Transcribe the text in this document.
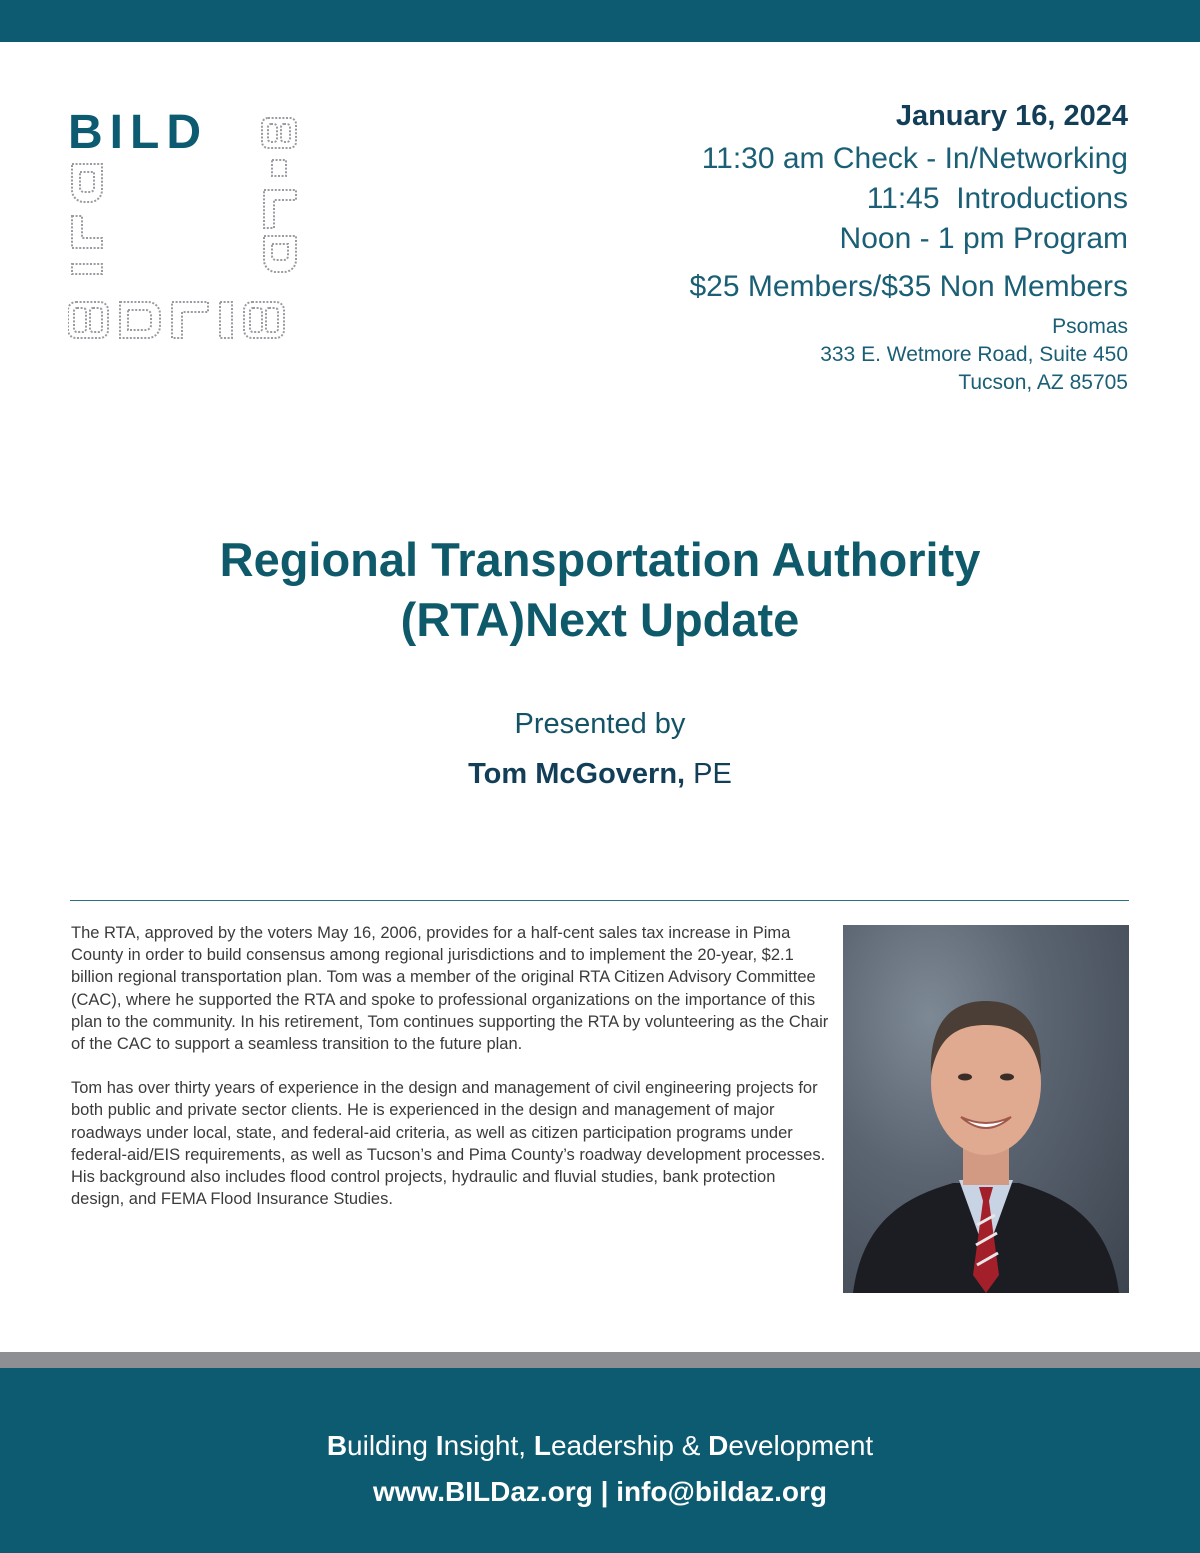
BILD	January 16, 2024
11:30 am Check - In/Networking
11:45  Introductions
Noon - 1 pm Program
$25 Members/$35 Non Members
Psomas
333 E. Wetmore Road, Suite 450
Tucson, AZ 85705
Regional Transportation Authority
(RTA)Next Update
Presented by
Tom McGovern, PE

The RTA, approved by the voters May 16, 2006, provides for a half-cent sales tax increase in Pima County in order to build consensus among regional jurisdictions and to implement the 20-year, $2.1 billion regional transportation plan. Tom was a member of the original RTA Citizen Advisory Committee (CAC), where he supported the RTA and spoke to professional organizations on the importance of this plan to the community. In his retirement, Tom continues supporting the RTA by volunteering as the Chair of the CAC to support a seamless transition to the future plan.

Tom has over thirty years of experience in the design and management of civil engineering projects for both public and private sector clients. He is experienced in the design and management of major roadways under local, state, and federal-aid criteria, as well as citizen participation programs under federal-aid/EIS requirements, as well as Tucson’s and Pima County’s roadway development processes. His background also includes flood control projects, hydraulic and fluvial studies, bank protection design, and FEMA Flood Insurance Studies.

Building Insight, Leadership & Development
www.BILDaz.org | info@bildaz.org
